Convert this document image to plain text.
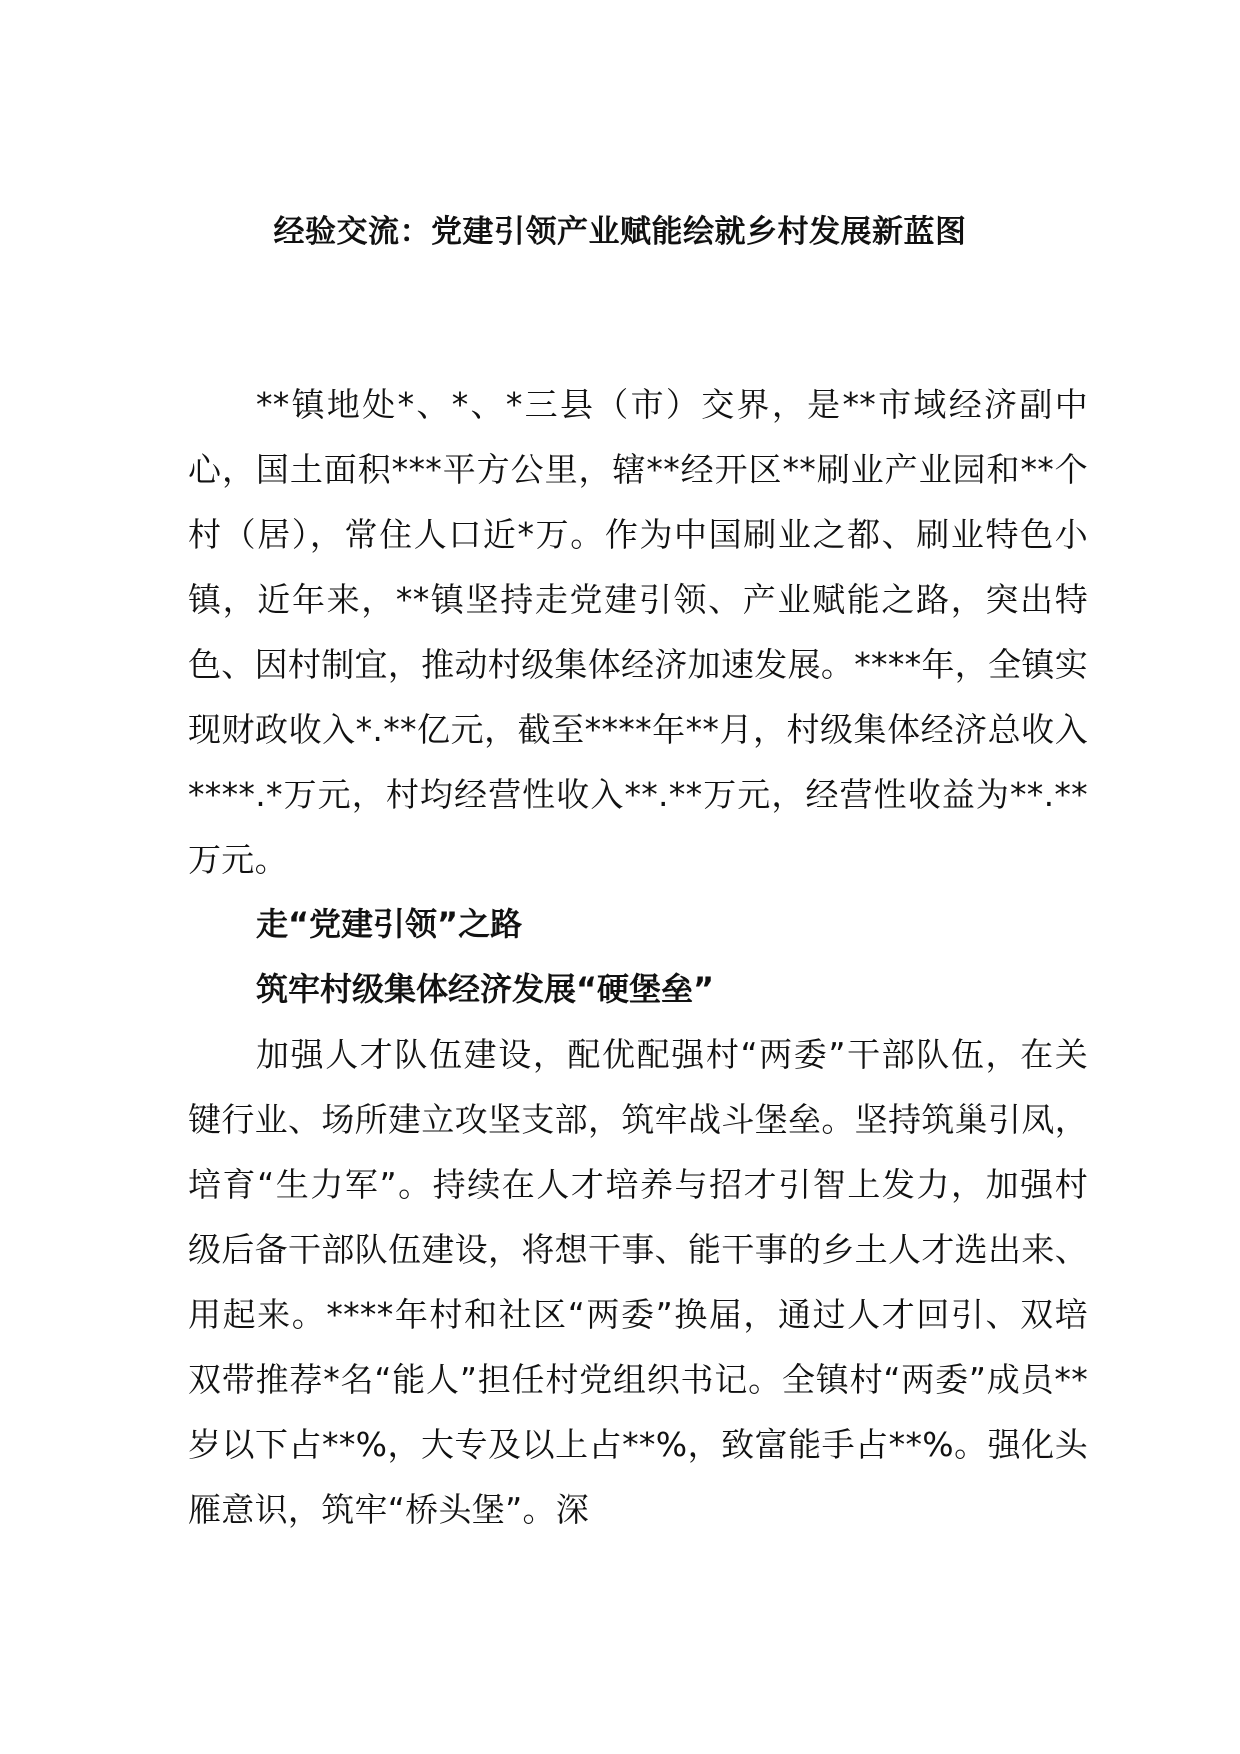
经验交流：党建引领产业赋能绘就乡村发展新蓝图

**镇地处*、*、*三县（市）交界，是**市域经济副中心，国土面积***平方公里，辖**经开区**刷业产业园和**个村（居），常住人口近*万。作为中国刷业之都、刷业特色小镇，近年来，**镇坚持走党建引领、产业赋能之路，突出特色、因村制宜，推动村级集体经济加速发展。****年，全镇实现财政收入*.**亿元，截至****年**月，村级集体经济总收入****.*万元，村均经营性收入**.**万元，经营性收益为**.**万元。

走“党建引领”之路

筑牢村级集体经济发展“硬堡垒”

加强人才队伍建设，配优配强村“两委”干部队伍，在关键行业、场所建立攻坚支部，筑牢战斗堡垒。坚持筑巢引凤，培育“生力军”。持续在人才培养与招才引智上发力，加强村级后备干部队伍建设，将想干事、能干事的乡土人才选出来、用起来。****年村和社区“两委”换届，通过人才回引、双培双带推荐*名“能人”担任村党组织书记。全镇村“两委”成员**岁以下占**%，大专及以上占**%，致富能手占**%。强化头雁意识，筑牢“桥头堡”。深
